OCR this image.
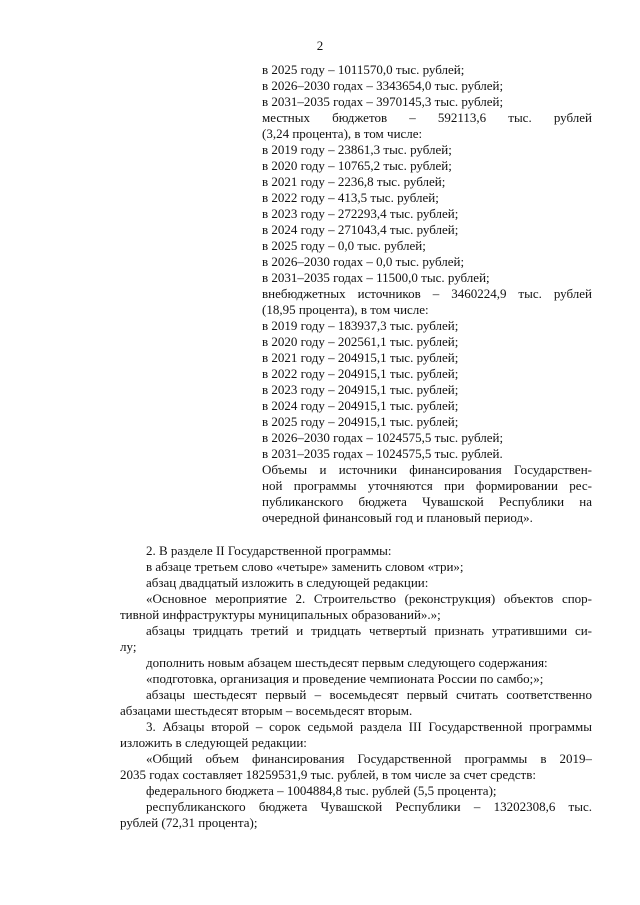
2
в 2025 году – 1011570,0 тыс. рублей;
в 2026–2030 годах – 3343654,0 тыс. рублей;
в 2031–2035 годах – 3970145,3 тыс. рублей;
местных бюджетов – 592113,6 тыс. рублей
(3,24 процента), в том числе:
в 2019 году – 23861,3 тыс. рублей;
в 2020 году – 10765,2 тыс. рублей;
в 2021 году – 2236,8 тыс. рублей;
в 2022 году – 413,5 тыс. рублей;
в 2023 году – 272293,4 тыс. рублей;
в 2024 году – 271043,4 тыс. рублей;
в 2025 году – 0,0 тыс. рублей;
в 2026–2030 годах – 0,0 тыс. рублей;
в 2031–2035 годах – 11500,0 тыс. рублей;
внебюджетных источников – 3460224,9 тыс. рублей
(18,95 процента), в том числе:
в 2019 году – 183937,3 тыс. рублей;
в 2020 году – 202561,1 тыс. рублей;
в 2021 году – 204915,1 тыс. рублей;
в 2022 году – 204915,1 тыс. рублей;
в 2023 году – 204915,1 тыс. рублей;
в 2024 году – 204915,1 тыс. рублей;
в 2025 году – 204915,1 тыс. рублей;
в 2026–2030 годах – 1024575,5 тыс. рублей;
в 2031–2035 годах – 1024575,5 тыс. рублей.
Объемы и источники финансирования Государствен-
ной программы уточняются при формировании рес-
публиканского бюджета Чувашской Республики на
очередной финансовый год и плановый период».
2. В разделе II Государственной программы:
в абзаце третьем слово «четыре» заменить словом «три»;
абзац двадцатый изложить в следующей редакции:
«Основное мероприятие 2. Строительство (реконструкция) объектов спор-
тивной инфраструктуры муниципальных образований».»;
абзацы тридцать третий и тридцать четвертый признать утратившими си-
лу;
дополнить новым абзацем шестьдесят первым следующего содержания:
«подготовка, организация и проведение чемпионата России по самбо;»;
абзацы шестьдесят первый – восемьдесят первый считать соответственно
абзацами шестьдесят вторым – восемьдесят вторым.
3. Абзацы второй – сорок седьмой раздела III Государственной программы
изложить в следующей редакции:
«Общий объем финансирования Государственной программы в 2019–
2035 годах составляет 18259531,9 тыс. рублей, в том числе за счет средств:
федерального бюджета – 1004884,8 тыс. рублей (5,5 процента);
республиканского бюджета Чувашской Республики – 13202308,6 тыс.
рублей (72,31 процента);
